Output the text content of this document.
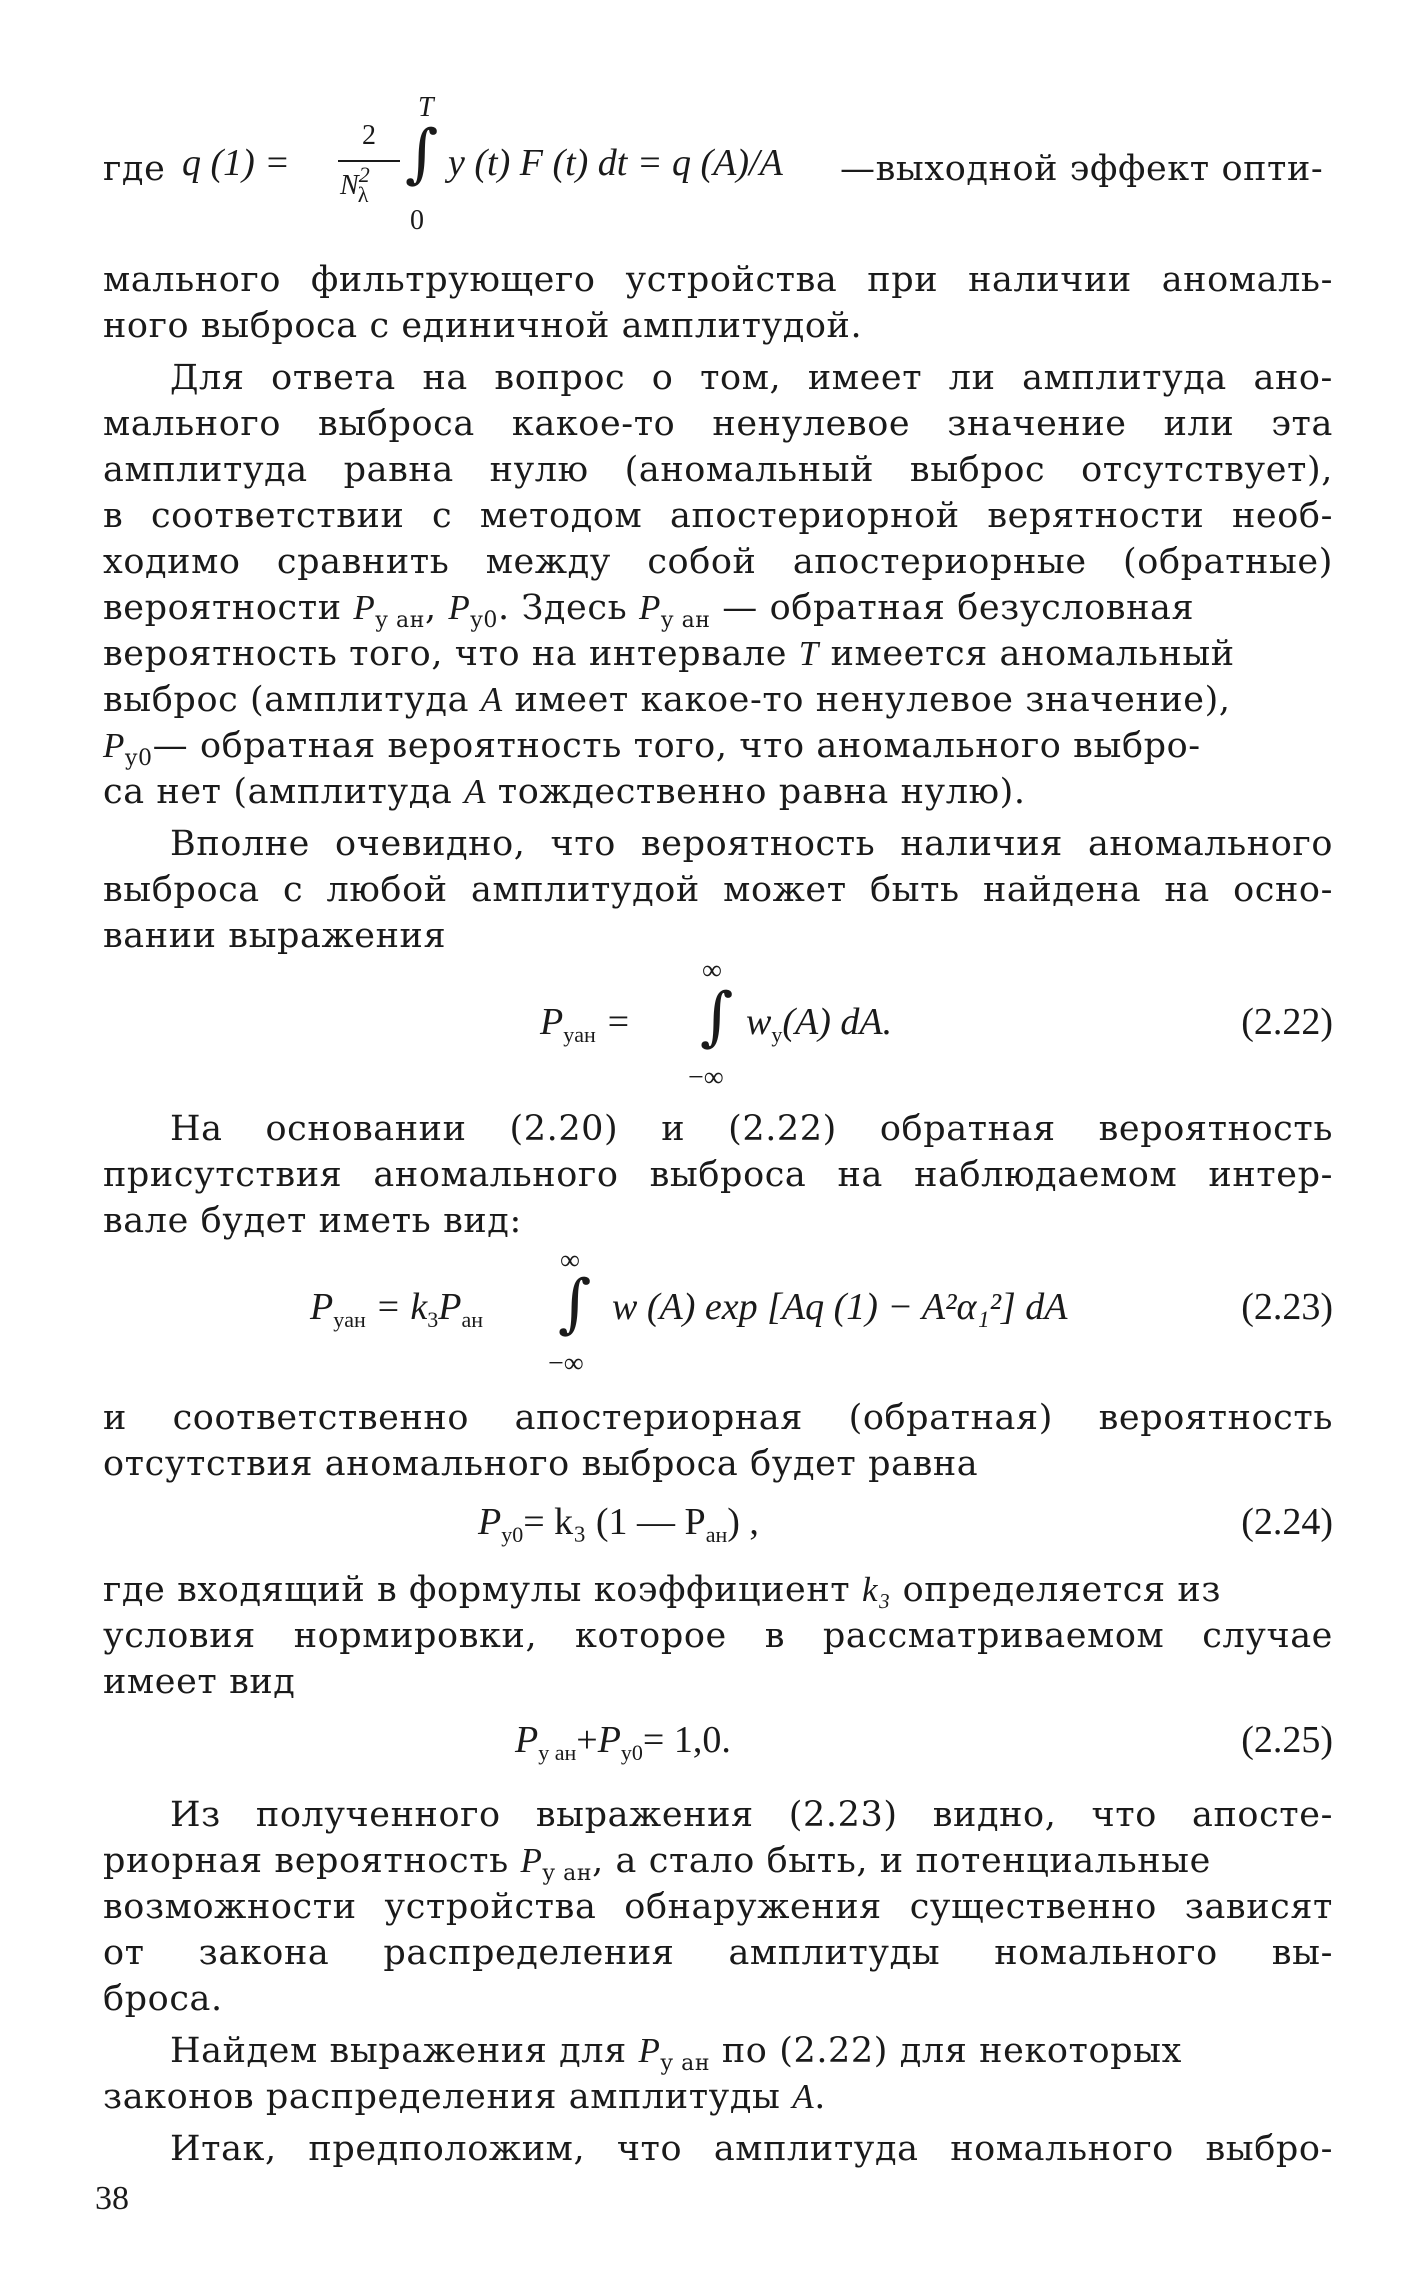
где q (1) =
2
$N^2_\lambda$
T
∫
0
y (t) F (t) dt = q (A)/A —выходной эффект опти-
мального фильтрующего устройства при наличии аномаль-
ного выброса с единичной амплитудой.
Для ответа на вопрос о том, имеет ли амплитуда ано-
мального выброса какое-то ненулевое значение или эта
амплитуда равна нулю (аномальный выброс отсутствует),
в соответствии с методом апостериорной верятности необ-
ходимо сравнить между собой апостериорные (обратные)
вероятности $P_{y ан}$, $P_{y0}$. Здесь $P_{y ан}$ — обратная безусловная
вероятность того, что на интервале T имеется аномальный
выброс (амплитуда A имеет какое-то ненулевое значение),
$P_{y0}—$ обратная вероятность того, что аномального выбро-
са нет (амплитуда A тождественно равна нулю).
Вполне очевидно, что вероятность наличия аномального
выброса с любой амплитудой может быть найдена на осно-
вании выражения
$P_{yан}$ =
∞
∫
−∞
$w_y(A)$ dA.	(2.22)
На основании (2.20) и (2.22) обратная вероятность
присутствия аномального выброса на наблюдаемом интер-
вале будет иметь вид:
$P_{yан} = k_3P_{ан}$
∞
∫
−∞
w (A) exp [Aq (1) − A²α₁²] dA	(2.23)
и соответственно апостериорная (обратная) вероятность
отсутствия аномального выброса будет равна
$P_{y0}= k_3$ (1 — $P_{ан}$) ,	(2.24)
где входящий в формулы коэффициент k₃ определяется из
условия нормировки, которое в рассматриваемом случае
имеет вид
$P_{y ан}+P_{y0}= 1,0$.	(2.25)
Из полученного выражения (2.23) видно, что апосте-
риорная вероятность $P_{y ан}$, а стало быть, и потенциальные
возможности устройства обнаружения существенно зависят
от закона распределения амплитуды номального вы-
броса.
Найдем выражения для $P_{y ан}$ по (2.22) для некоторых
законов распределения амплитуды A.
Итак, предположим, что амплитуда номального выбро-
38
